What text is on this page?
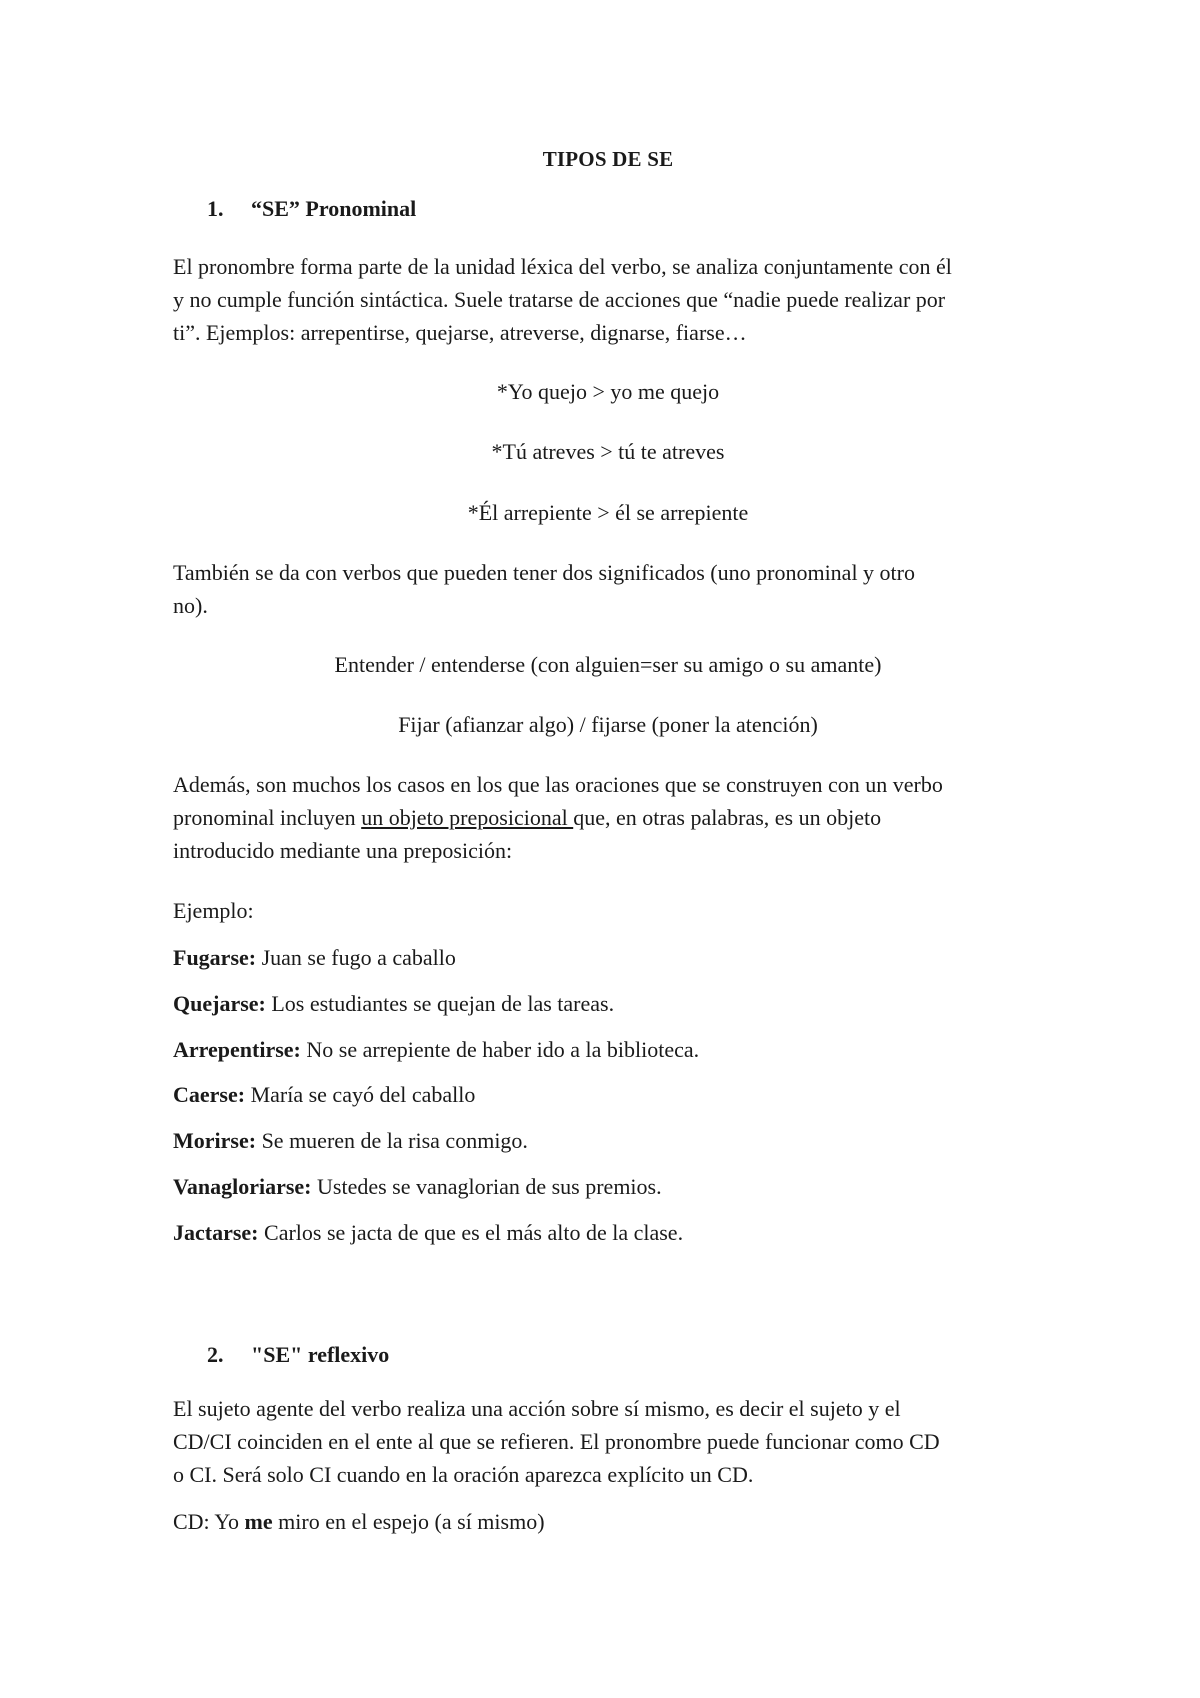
TIPOS DE SE
1. “SE” Pronominal
El pronombre forma parte de la unidad léxica del verbo, se analiza conjuntamente con él
y no cumple función sintáctica. Suele tratarse de acciones que “nadie puede realizar por
ti”. Ejemplos: arrepentirse, quejarse, atreverse, dignarse, fiarse…
*Yo quejo > yo me quejo
*Tú atreves > tú te atreves
*Él arrepiente > él se arrepiente
También se da con verbos que pueden tener dos significados (uno pronominal y otro
no).
Entender / entenderse (con alguien=ser su amigo o su amante)
Fijar (afianzar algo) / fijarse (poner la atención)
Además, son muchos los casos en los que las oraciones que se construyen con un verbo
pronominal incluyen un objeto preposicional que, en otras palabras, es un objeto
introducido mediante una preposición:
Ejemplo:
Fugarse: Juan se fugo a caballo
Quejarse: Los estudiantes se quejan de las tareas.
Arrepentirse: No se arrepiente de haber ido a la biblioteca.
Caerse: María se cayó del caballo
Morirse: Se mueren de la risa conmigo.
Vanagloriarse: Ustedes se vanaglorian de sus premios.
Jactarse: Carlos se jacta de que es el más alto de la clase.
2. "SE" reflexivo
El sujeto agente del verbo realiza una acción sobre sí mismo, es decir el sujeto y el
CD/CI coinciden en el ente al que se refieren. El pronombre puede funcionar como CD
o CI. Será solo CI cuando en la oración aparezca explícito un CD.
CD: Yo me miro en el espejo (a sí mismo)
